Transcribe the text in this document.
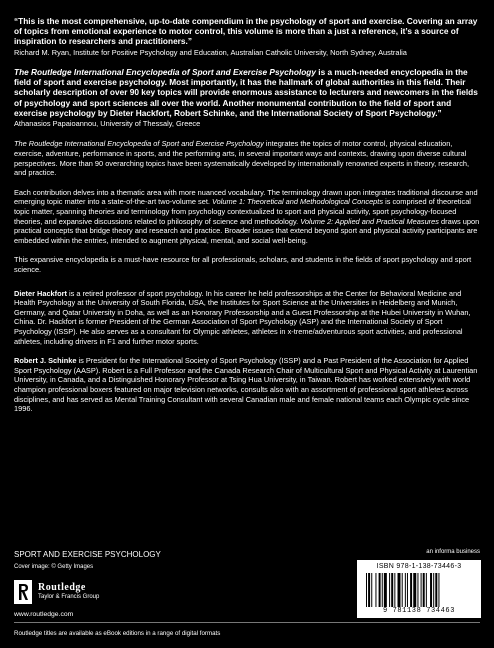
“This is the most comprehensive, up-to-date compendium in the psychology of sport and exercise. Covering an array of topics from emotional experience to motor control, this volume is more than a just a reference, it’s a source of inspiration to researchers and practitioners.”

Richard M. Ryan, Institute for Positive Psychology and Education, Australian Catholic University, North Sydney, Australia

The Routledge International Encyclopedia of Sport and Exercise Psychology is a much-needed encyclopedia in the field of sport and exercise psychology. Most importantly, it has the hallmark of global authorities in this field. Their scholarly description of over 90 key topics will provide enormous assistance to lecturers and newcomers in the fields of psychology and sport sciences all over the world. Another monumental contribution to the field of sport and exercise psychology by Dieter Hackfort, Robert Schinke, and the International Society of Sport Psychology.”

Athanasios Papaioannou, University of Thessaly, Greece

The Routledge International Encyclopedia of Sport and Exercise Psychology integrates the topics of motor control, physical education, exercise, adventure, performance in sports, and the performing arts, in several important ways and contexts, drawing upon diverse cultural perspectives. More than 90 overarching topics have been systematically developed by internationally renowned experts in theory, research, and practice.

Each contribution delves into a thematic area with more nuanced vocabulary. The terminology drawn upon integrates traditional discourse and emerging topic matter into a state-of-the-art two-volume set. Volume 1: Theoretical and Methodological Concepts is comprised of theoretical topic matter, spanning theories and terminology from psychology contextualized to sport and physical activity, sport psychology-focused theories, and expansive discussions related to philosophy of science and methodology. Volume 2: Applied and Practical Measures draws upon practical concepts that bridge theory and research and practice. Broader issues that extend beyond sport and physical activity participants are embedded within the entries, intended to augment physical, mental, and social well-being.

This expansive encyclopedia is a must-have resource for all professionals, scholars, and students in the fields of sport psychology and sport science.

Dieter Hackfort is a retired professor of sport psychology. In his career he held professorships at the Center for Behavioral Medicine and Health Psychology at the University of South Florida, USA, the Institutes for Sport Science at the Universities in Heidelberg and Munich, Germany, and Qatar University in Doha, as well as an Honorary Professorship and a Guest Professorship at the Hubei University in Wuhan, China. Dr. Hackfort is former President of the German Association of Sport Psychology (ASP) and the International Society of Sport Psychology (ISSP). He also serves as a consultant for Olympic athletes, athletes in x-treme/adventurous sport activities, and professional athletes, including drivers in F1 and further motor sports.

Robert J. Schinke is President for the International Society of Sport Psychology (ISSP) and a Past President of the Association for Applied Sport Psychology (AASP). Robert is a Full Professor and the Canada Research Chair of Multicultural Sport and Physical Activity at Laurentian University, in Canada, and a Distinguished Honorary Professor at Tsing Hua University, in Taiwan. Robert has worked extensively with world champion professional boxers featured on major television networks, consults also with an assortment of professional sport athletes across disciplines, and has served as Mental Training Consultant with several Canadian male and female national teams each Olympic cycle since 1996.

SPORT AND EXERCISE PSYCHOLOGY
Cover image: © Getty Images
Routledge
Taylor & Francis Group
www.routledge.com
an informa business
ISBN 978-1-138-73446-3
9 781138 734463
Routledge titles are available as eBook editions in a range of digital formats
